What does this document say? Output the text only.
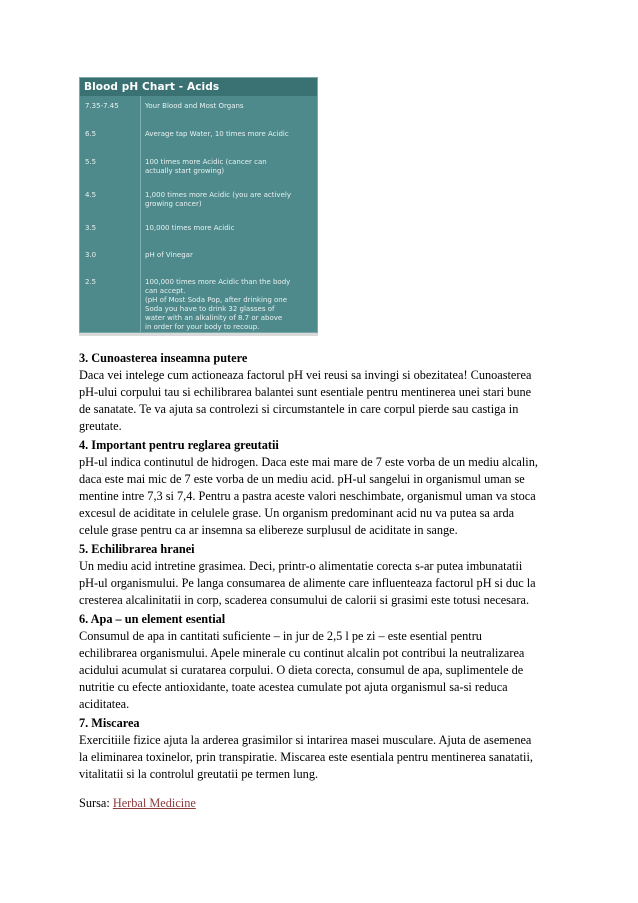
Blood pH Chart - Acids
7.35-7.45	Your Blood and Most Organs
6.5	Average tap Water, 10 times more Acidic
5.5	100 times more Acidic (cancer can
actually start growing)
4.5	1,000 times more Acidic (you are actively
growing cancer)
3.5	10,000 times more Acidic
3.0	pH of Vinegar
2.5	100,000 times more Acidic than the body
can accept.
(pH of Most Soda Pop, after drinking one
Soda you have to drink 32 glasses of
water with an alkalinity of 8.7 or above
in order for your body to recoup.
3. Cunoasterea inseamna putere
Daca vei intelege cum actioneaza factorul pH vei reusi sa invingi si obezitatea! Cunoasterea
pH-ului corpului tau si echilibrarea balantei sunt esentiale pentru mentinerea unei stari bune
de sanatate. Te va ajuta sa controlezi si circumstantele in care corpul pierde sau castiga in
greutate.
4. Important pentru reglarea greutatii
pH-ul indica continutul de hidrogen. Daca este mai mare de 7 este vorba de un mediu alcalin,
daca este mai mic de 7 este vorba de un mediu acid. pH-ul sangelui in organismul uman se
mentine intre 7,3 si 7,4. Pentru a pastra aceste valori neschimbate, organismul uman va stoca
excesul de aciditate in celulele grase. Un organism predominant acid nu va putea sa arda
celule grase pentru ca ar insemna sa elibereze surplusul de aciditate in sange.
5. Echilibrarea hranei
Un mediu acid intretine grasimea. Deci, printr-o alimentatie corecta s-ar putea imbunatatii
pH-ul organismului. Pe langa consumarea de alimente care influenteaza factorul pH si duc la
cresterea alcalinitatii in corp, scaderea consumului de calorii si grasimi este totusi necesara.
6. Apa – un element esential
Consumul de apa in cantitati suficiente – in jur de 2,5 l pe zi – este esential pentru
echilibrarea organismului. Apele minerale cu continut alcalin pot contribui la neutralizarea
acidului acumulat si curatarea corpului. O dieta corecta, consumul de apa, suplimentele de
nutritie cu efecte antioxidante, toate acestea cumulate pot ajuta organismul sa-si reduca
aciditatea.
7. Miscarea
Exercitiile fizice ajuta la arderea grasimilor si intarirea masei musculare. Ajuta de asemenea
la eliminarea toxinelor, prin transpiratie. Miscarea este esentiala pentru mentinerea sanatatii,
vitalitatii si la controlul greutatii pe termen lung.
Sursa: Herbal Medicine
